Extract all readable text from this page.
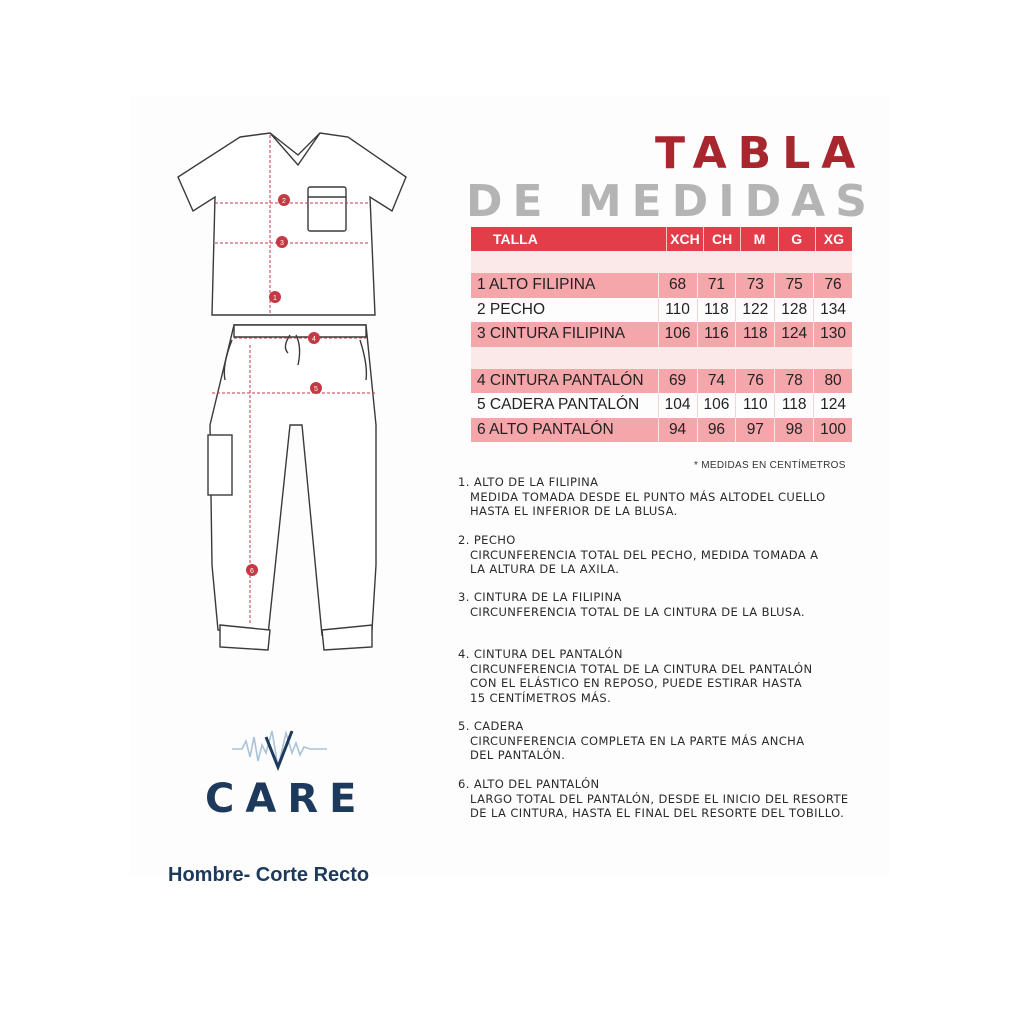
1
2
3
4
5
6
TABLA
DE MEDIDAS
TALLA	XCH CH	M	G	XG
1 ALTO FILIPINA	68	71	73	75	76
2 PECHO	110 118 122 128 134
3 CINTURA FILIPINA	106 116 118 124 130
4 CINTURA PANTALÓN	69	74	76	78	80
5 CADERA PANTALÓN	104 106 110 118 124
6 ALTO PANTALÓN	94	96	97	98	100
* MEDIDAS EN CENTÍMETROS
1. ALTO DE LA FILIPINA
MEDIDA TOMADA DESDE EL PUNTO MÁS ALTODEL CUELLO
HASTA EL INFERIOR DE LA BLUSA.
2. PECHO
CIRCUNFERENCIA TOTAL DEL PECHO, MEDIDA TOMADA A
LA ALTURA DE LA AXILA.
3. CINTURA DE LA FILIPINA
CIRCUNFERENCIA TOTAL DE LA CINTURA DE LA BLUSA.
4. CINTURA DEL PANTALÓN
CIRCUNFERENCIA TOTAL DE LA CINTURA DEL PANTALÓN
CON EL ELÁSTICO EN REPOSO, PUEDE ESTIRAR HASTA
15 CENTÍMETROS MÁS.
5. CADERA
CIRCUNFERENCIA COMPLETA EN LA PARTE MÁS ANCHA
DEL PANTALÓN.
6. ALTO DEL PANTALÓN
LARGO TOTAL DEL PANTALÓN, DESDE EL INICIO DEL RESORTE
DE LA CINTURA, HASTA EL FINAL DEL RESORTE DEL TOBILLO.
CARE
Hombre- Corte Recto
